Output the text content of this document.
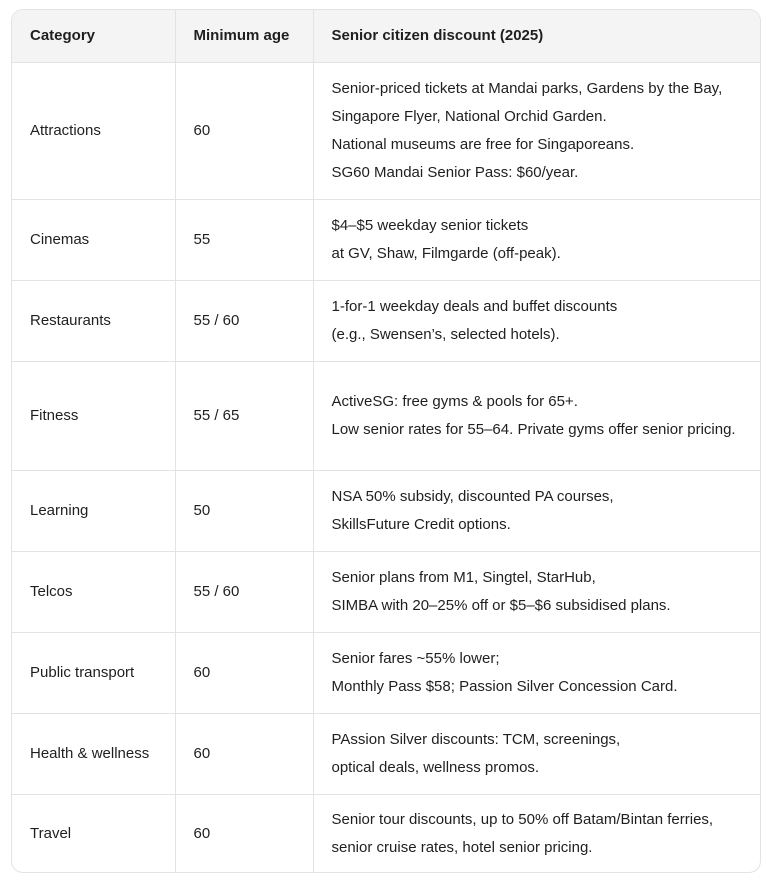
Category	Minimum age	Senior citizen discount (2025)
Attractions	60	Senior-priced tickets at Mandai parks, Gardens by the Bay,
Singapore Flyer, National Orchid Garden.
National museums are free for Singaporeans.
SG60 Mandai Senior Pass: $60/year.

Cinemas	55	$4–$5 weekday senior tickets
at GV, Shaw, Filmgarde (off-peak).

Restaurants	55 / 60	1-for-1 weekday deals and buffet discounts
(e.g., Swensen’s, selected hotels).

Fitness	55 / 65	ActiveSG: free gyms & pools for 65+.
Low senior rates for 55–64. Private gyms offer senior pricing.

Learning	50	NSA 50% subsidy, discounted PA courses,
SkillsFuture Credit options.

Telcos	55 / 60	Senior plans from M1, Singtel, StarHub,
SIMBA with 20–25% off or $5–$6 subsidised plans.

Public transport	60	Senior fares ~55% lower;
Monthly Pass $58; Passion Silver Concession Card.

Health & wellness	60	PAssion Silver discounts: TCM, screenings,
optical deals, wellness promos.

Travel	60	Senior tour discounts, up to 50% off Batam/Bintan ferries,
senior cruise rates, hotel senior pricing.
